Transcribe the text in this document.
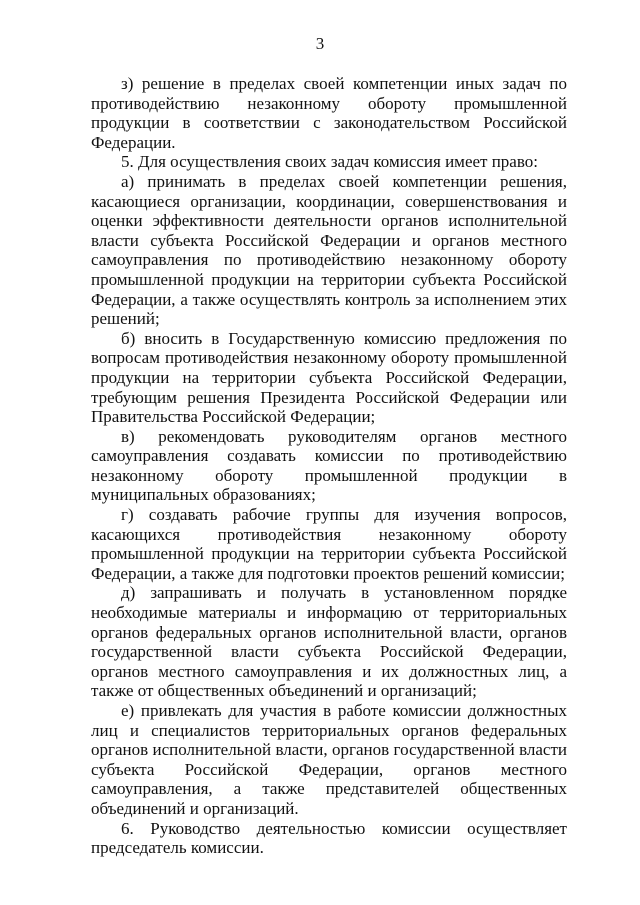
3

з) решение в пределах своей компетенции иных задач по противодействию незаконному обороту промышленной продукции в соответствии с законодательством Российской Федерации.

5. Для осуществления своих задач комиссия имеет право:

а) принимать в пределах своей компетенции решения, касающиеся организации, координации, совершенствования и оценки эффективности деятельности органов исполнительной власти субъекта Российской Федерации и органов местного самоуправления по противодействию незаконному обороту промышленной продукции на территории субъекта Российской Федерации, а также осуществлять контроль за исполнением этих решений;

б) вносить в Государственную комиссию предложения по вопросам противодействия незаконному обороту промышленной продукции на территории субъекта Российской Федерации, требующим решения Президента Российской Федерации или Правительства Российской Федерации;

в) рекомендовать руководителям органов местного самоуправления создавать комиссии по противодействию незаконному обороту промышленной продукции в муниципальных образованиях;

г) создавать рабочие группы для изучения вопросов, касающихся противодействия незаконному обороту промышленной продукции на территории субъекта Российской Федерации, а также для подготовки проектов решений комиссии;

д) запрашивать и получать в установленном порядке необходимые материалы и информацию от территориальных органов федеральных органов исполнительной власти, органов государственной власти субъекта Российской Федерации, органов местного самоуправления и их должностных лиц, а также от общественных объединений и организаций;

е) привлекать для участия в работе комиссии должностных лиц и специалистов территориальных органов федеральных органов исполнительной власти, органов государственной власти субъекта Российской Федерации, органов местного самоуправления, а также представителей общественных объединений и организаций.

6. Руководство деятельностью комиссии осуществляет председатель комиссии.
